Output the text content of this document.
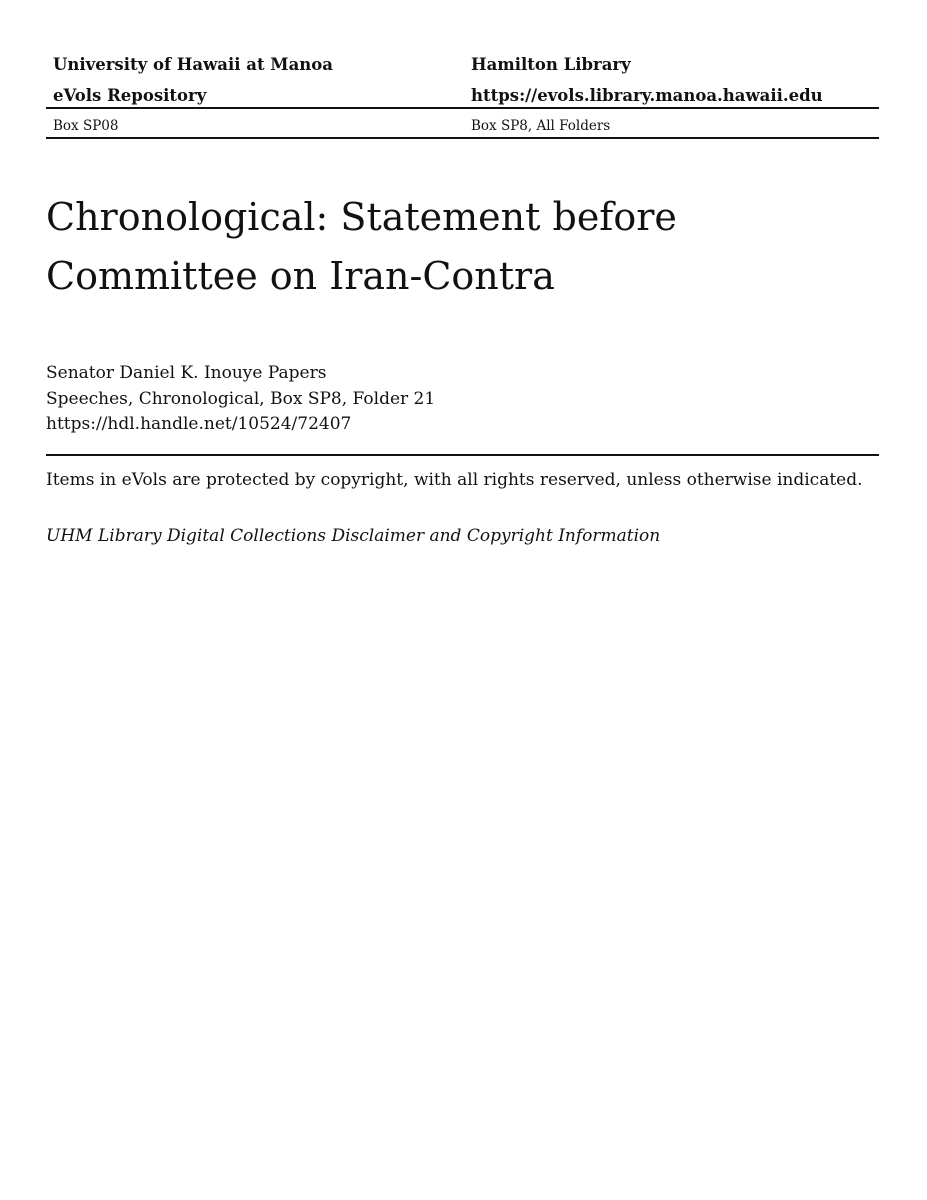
University of Hawaii at Manoa	Hamilton Library
eVols Repository	https://evols.library.manoa.hawaii.edu
Box SP08	Box SP8, All Folders
Chronological: Statement before
Committee on Iran-Contra
Senator Daniel K. Inouye Papers
Speeches, Chronological, Box SP8, Folder 21
https://hdl.handle.net/10524/72407
Items in eVols are protected by copyright, with all rights reserved, unless otherwise indicated.
UHM Library Digital Collections Disclaimer and Copyright Information
